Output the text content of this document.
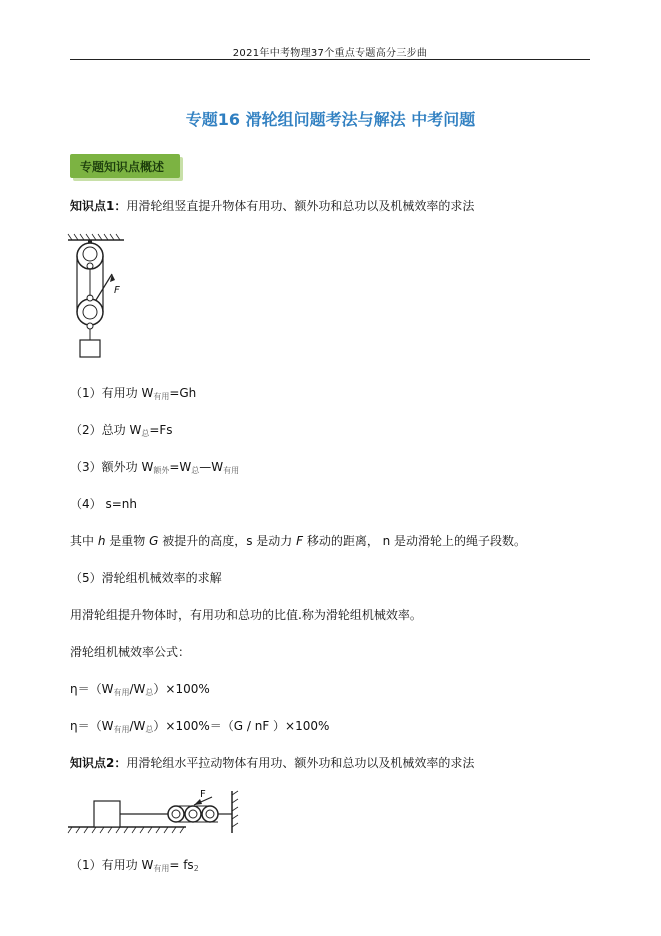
2021年中考物理37个重点专题高分三步曲
专题16 滑轮组问题考法与解法 中考问题
专题知识点概述
知识点1：用滑轮组竖直提升物体有用功、额外功和总功以及机械效率的求法
F
（1）有用功 $W_{有用}=Gh$
（2）总功 $W_总=Fs$
（3）额外功 $W_{额外}=W_总—W_{有用}$
（4） s=nh
其中 h 是重物 G 被提升的高度，s 是动力 F 移动的距离， n 是动滑轮上的绳子段数。
（5）滑轮组机械效率的求解
用滑轮组提升物体时，有用功和总功的比值.称为滑轮组机械效率。
滑轮组机械效率公式：
$\eta=(W_{有用}/W_总)\times 100\%$
$\eta=(W_{有用}/W_总)\times 100\%=(G$ / nF ）×100%
知识点2：用滑轮组水平拉动物体有用功、额外功和总功以及机械效率的求法
F
（1）有用功 $W_{有用}= fs_2$
